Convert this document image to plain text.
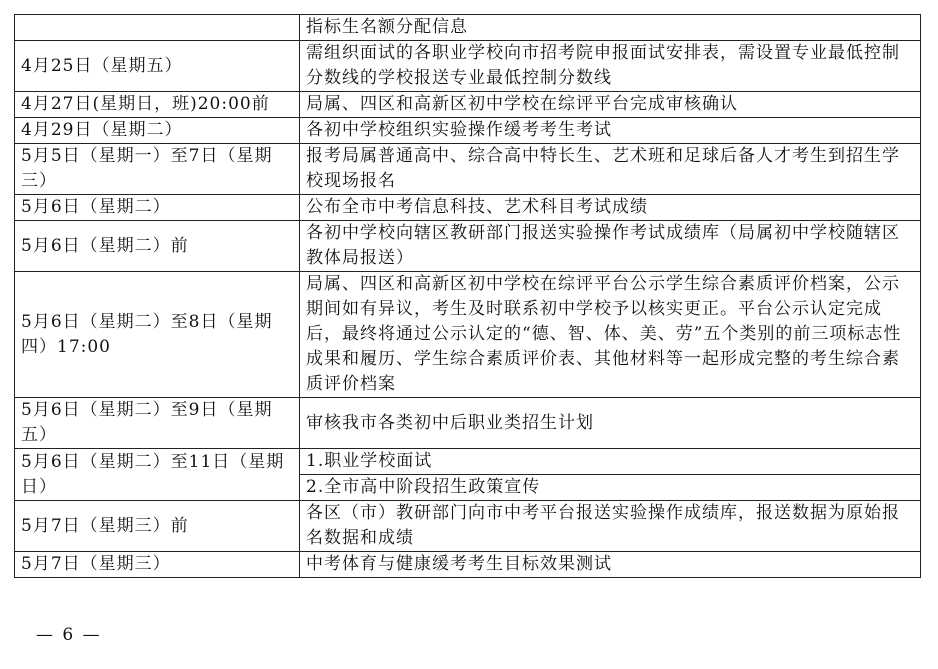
	指标生名额分配信息
4月25日（星期五）	需组织面试的各职业学校向市招考院申报面试安排表，需设置专业最低控制分数线的学校报送专业最低控制分数线
4月27日(星期日，班)20:00前	局属、四区和高新区初中学校在综评平台完成审核确认
4月29日（星期二）	各初中学校组织实验操作缓考考生考试
5月5日（星期一）至7日（星期三）	报考局属普通高中、综合高中特长生、艺术班和足球后备人才考生到招生学校现场报名
5月6日（星期二）	公布全市中考信息科技、艺术科目考试成绩
5月6日（星期二）前	各初中学校向辖区教研部门报送实验操作考试成绩库（局属初中学校随辖区教体局报送）
5月6日（星期二）至8日（星期四）17:00	局属、四区和高新区初中学校在综评平台公示学生综合素质评价档案，公示期间如有异议，考生及时联系初中学校予以核实更正。平台公示认定完成后，最终将通过公示认定的“德、智、体、美、劳”五个类别的前三项标志性成果和履历、学生综合素质评价表、其他材料等一起形成完整的考生综合素质评价档案
5月6日（星期二）至9日（星期五）	审核我市各类初中后职业类招生计划
5月6日（星期二）至11日（星期日）	1.职业学校面试
	2.全市高中阶段招生政策宣传
5月7日（星期三）前	各区（市）教研部门向市中考平台报送实验操作成绩库，报送数据为原始报名数据和成绩
5月7日（星期三）	中考体育与健康缓考考生目标效果测试
— 6 —
